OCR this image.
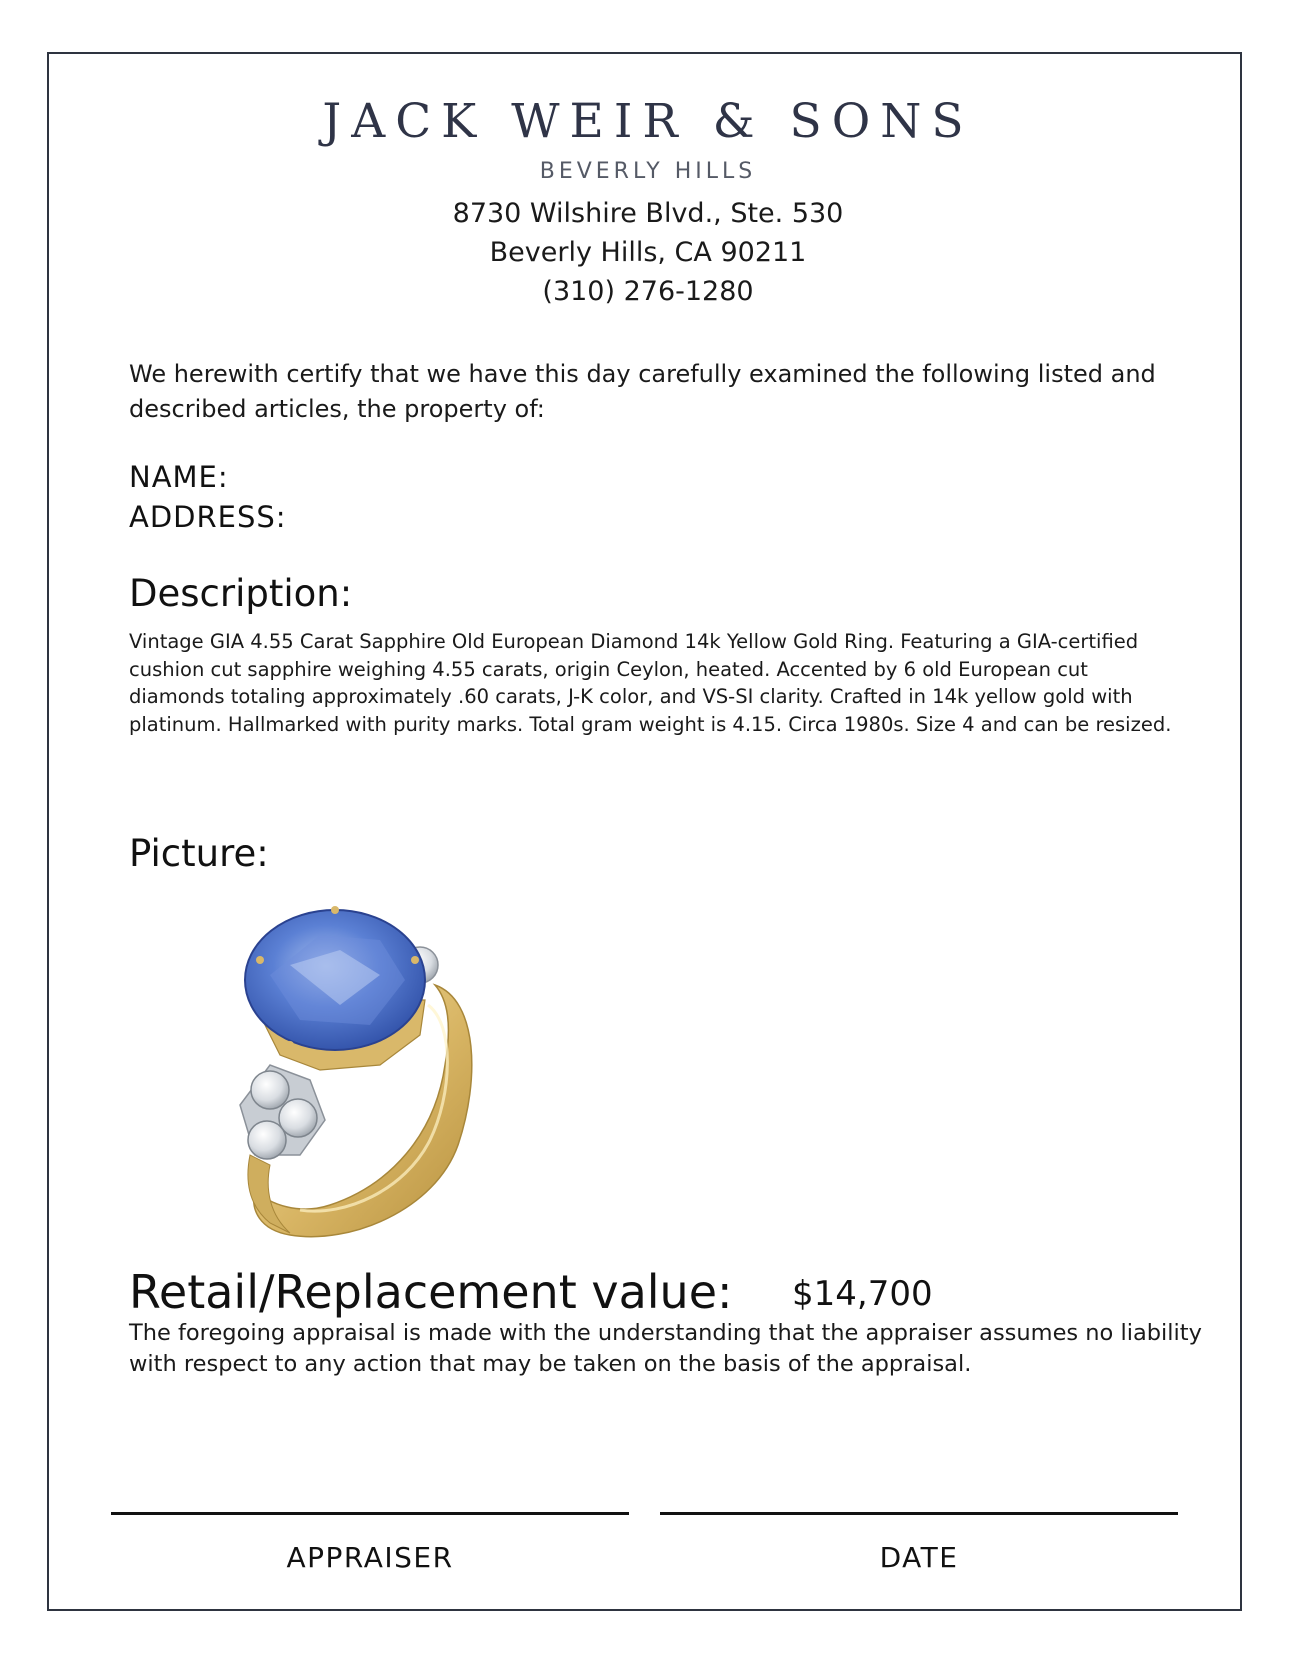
JACK WEIR & SONS
BEVERLY HILLS
8730 Wilshire Blvd., Ste. 530
Beverly Hills, CA 90211
(310) 276-1280

We herewith certify that we have this day carefully examined the following listed and described articles, the property of:

NAME:
ADDRESS:
Description:

Vintage GIA 4.55 Carat Sapphire Old European Diamond 14k Yellow Gold Ring. Featuring a GIA-certified cushion cut sapphire weighing 4.55 carats, origin Ceylon, heated. Accented by 6 old European cut diamonds totaling approximately .60 carats, J-K color, and VS-SI clarity. Crafted in 14k yellow gold with platinum. Hallmarked with purity marks. Total gram weight is 4.15. Circa 1980s. Size 4 and can be resized.

Picture:
Retail/Replacement value: $14,700

The foregoing appraisal is made with the understanding that the appraiser assumes no liability with respect to any action that may be taken on the basis of the appraisal.

APPRAISER	DATE
